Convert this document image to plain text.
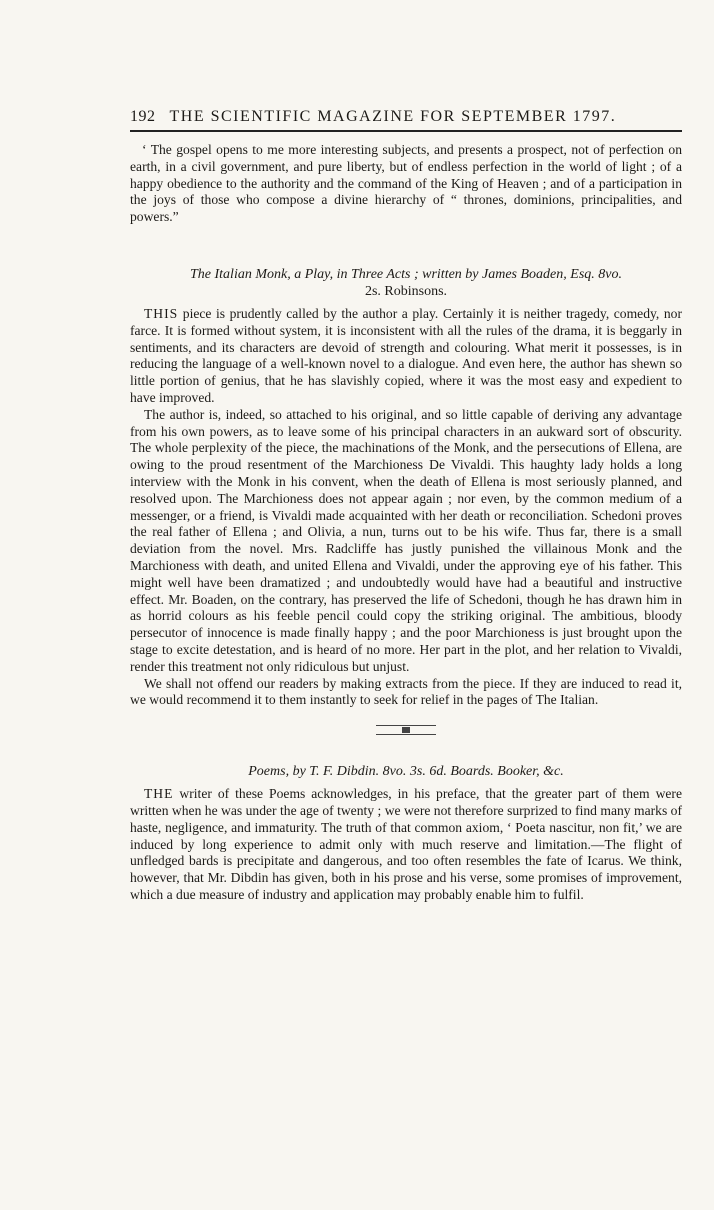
192 THE SCIENTIFIC MAGAZINE FOR SEPTEMBER 1797.

‘ The gospel opens to me more interesting subjects, and presents a prospect, not of perfection on earth, in a civil government, and pure liberty, but of endless perfection in the world of light ; of a happy obedience to the authority and the command of the King of Heaven ; and of a participation in the joys of those who compose a divine hierarchy of “ thrones, dominions, principalities, and powers.”

The Italian Monk, a Play, in Three Acts ; written by James Boaden, Esq. 8vo.
2s. Robinsons.

THIS piece is prudently called by the author a play. Certainly it is neither tragedy, comedy, nor farce. It is formed without system, it is inconsistent with all the rules of the drama, it is beggarly in sentiments, and its characters are devoid of strength and colouring. What merit it possesses, is in reducing the language of a well-known novel to a dialogue. And even here, the author has shewn so little portion of genius, that he has slavishly copied, where it was the most easy and expedient to have improved.

The author is, indeed, so attached to his original, and so little capable of deriving any advantage from his own powers, as to leave some of his principal characters in an aukward sort of obscurity. The whole perplexity of the piece, the machinations of the Monk, and the persecutions of Ellena, are owing to the proud resentment of the Marchioness De Vivaldi. This haughty lady holds a long interview with the Monk in his convent, when the death of Ellena is most seriously planned, and resolved upon. The Marchioness does not appear again ; nor even, by the common medium of a messenger, or a friend, is Vivaldi made acquainted with her death or reconciliation. Schedoni proves the real father of Ellena ; and Olivia, a nun, turns out to be his wife. Thus far, there is a small deviation from the novel. Mrs. Radcliffe has justly punished the villainous Monk and the Marchioness with death, and united Ellena and Vivaldi, under the approving eye of his father. This might well have been dramatized ; and undoubtedly would have had a beautiful and instructive effect. Mr. Boaden, on the contrary, has preserved the life of Schedoni, though he has drawn him in as horrid colours as his feeble pencil could copy the striking original. The ambitious, bloody persecutor of innocence is made finally happy ; and the poor Marchioness is just brought upon the stage to excite detestation, and is heard of no more. Her part in the plot, and her relation to Vivaldi, render this treatment not only ridiculous but unjust.

We shall not offend our readers by making extracts from the piece. If they are induced to read it, we would recommend it to them instantly to seek for relief in the pages of The Italian.

Poems, by T. F. Dibdin. 8vo. 3s. 6d. Boards. Booker, &c.

THE writer of these Poems acknowledges, in his preface, that the greater part of them were written when he was under the age of twenty ; we were not therefore surprized to find many marks of haste, negligence, and immaturity. The truth of that common axiom, ‘ Poeta nascitur, non fit,’ we are induced by long experience to admit only with much reserve and limitation.—The flight of unfledged bards is precipitate and dangerous, and too often resembles the fate of Icarus. We think, however, that Mr. Dibdin has given, both in his prose and his verse, some promises of improvement, which a due measure of industry and application may probably enable him to fulfil.
